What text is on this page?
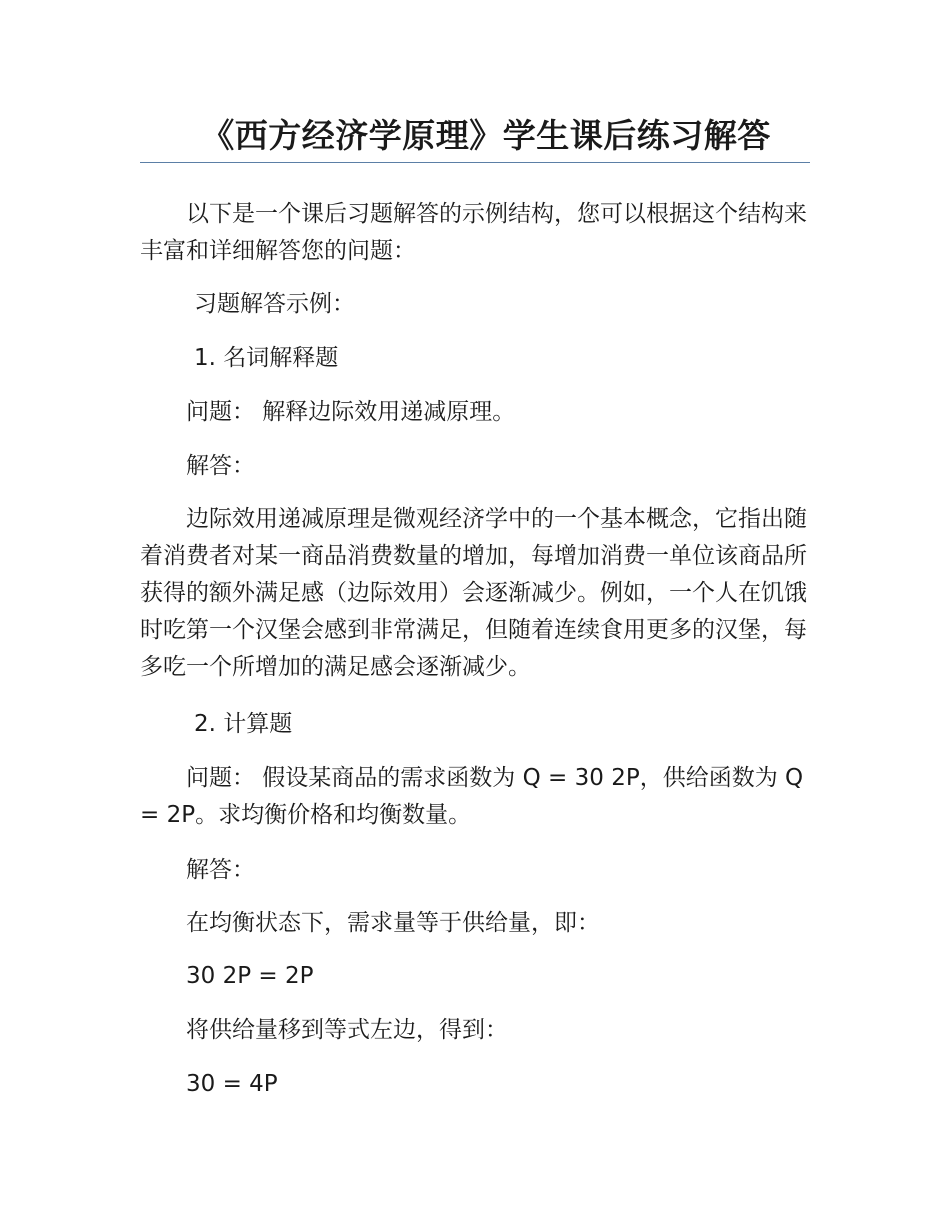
《西方经济学原理》学生课后练习解答

以下是一个课后习题解答的示例结构，您可以根据这个结构来丰富和详细解答您的问题：

习题解答示例：

1. 名词解释题

问题： 解释边际效用递减原理。

解答：

边际效用递减原理是微观经济学中的一个基本概念，它指出随着消费者对某一商品消费数量的增加，每增加消费一单位该商品所获得的额外满足感（边际效用）会逐渐减少。例如，一个人在饥饿时吃第一个汉堡会感到非常满足，但随着连续食用更多的汉堡，每多吃一个所增加的满足感会逐渐减少。

2. 计算题

问题： 假设某商品的需求函数为 Q = 30 2P，供给函数为 Q = 2P。求均衡价格和均衡数量。

解答：

在均衡状态下，需求量等于供给量，即：

30 2P = 2P

将供给量移到等式左边，得到：

30 = 4P
